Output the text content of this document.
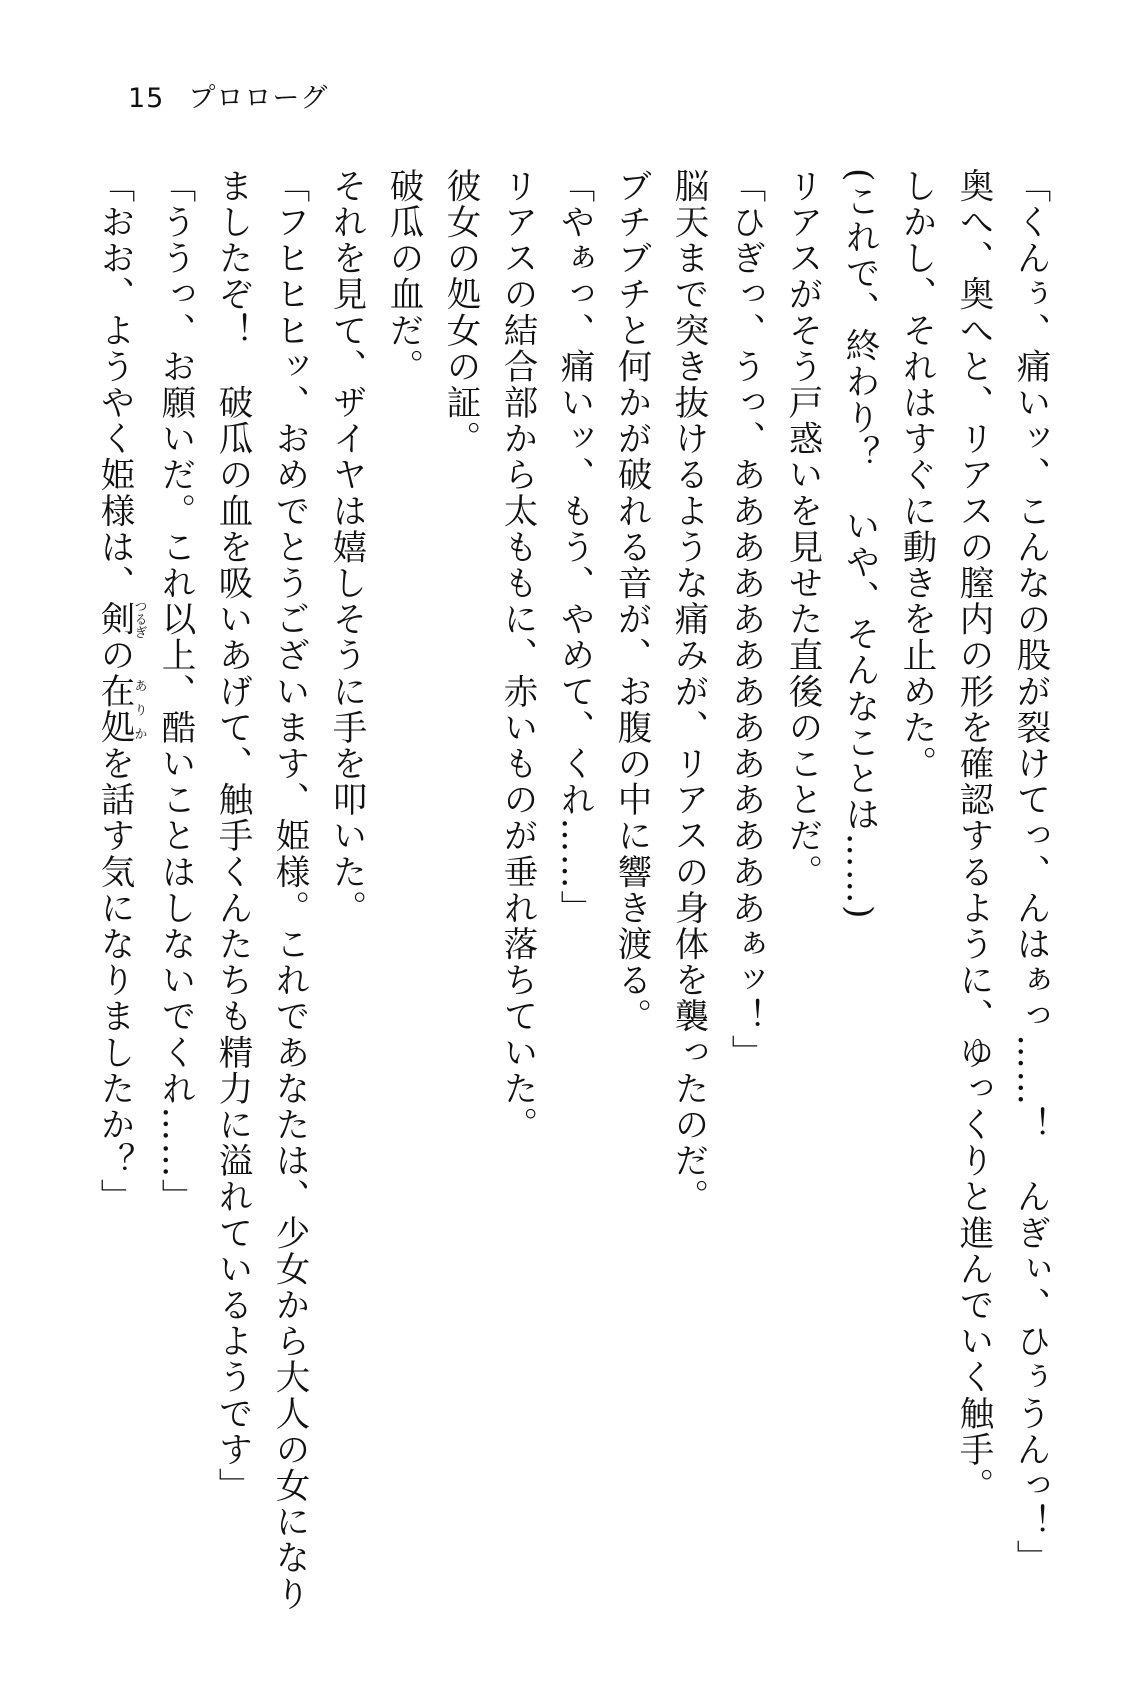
15 プロローグ

「くんぅ、痛いッ、こんなの股が裂けてっ、んはぁっ……！　んぎぃ、ひぅうんっ！」

奥へ、奥へと、リアスの膣内の形を確認するように、ゆっくりと進んでいく触手。

しかし、それはすぐに動きを止めた。

(これで、終わり？　いや、そんなことは……)

リアスがそう戸惑いを見せた直後のことだ。

「ひぎっ、うっ、あああああああああああああぁッ！」

脳天まで突き抜けるような痛みが、リアスの身体を襲ったのだ。

ブチブチと何かが破れる音が、お腹の中に響き渡る。

「やぁっ、痛いッ、もう、やめて、くれ……」

リアスの結合部から太ももに、赤いものが垂れ落ちていた。

彼女の処女の証。

破瓜の血だ。

それを見て、ザイヤは嬉しそうに手を叩いた。

「フヒヒヒッ、おめでとうございます、姫様。これであなたは、少女から大人の女になり

ましたぞ！　破瓜の血を吸いあげて、触手くんたちも精力に溢れているようです」

「ううっ、お願いだ。これ以上、酷いことはしないでくれ……」

「おお、ようやく姫様は、剣つるぎの在処ありかを話す気になりましたか？」
